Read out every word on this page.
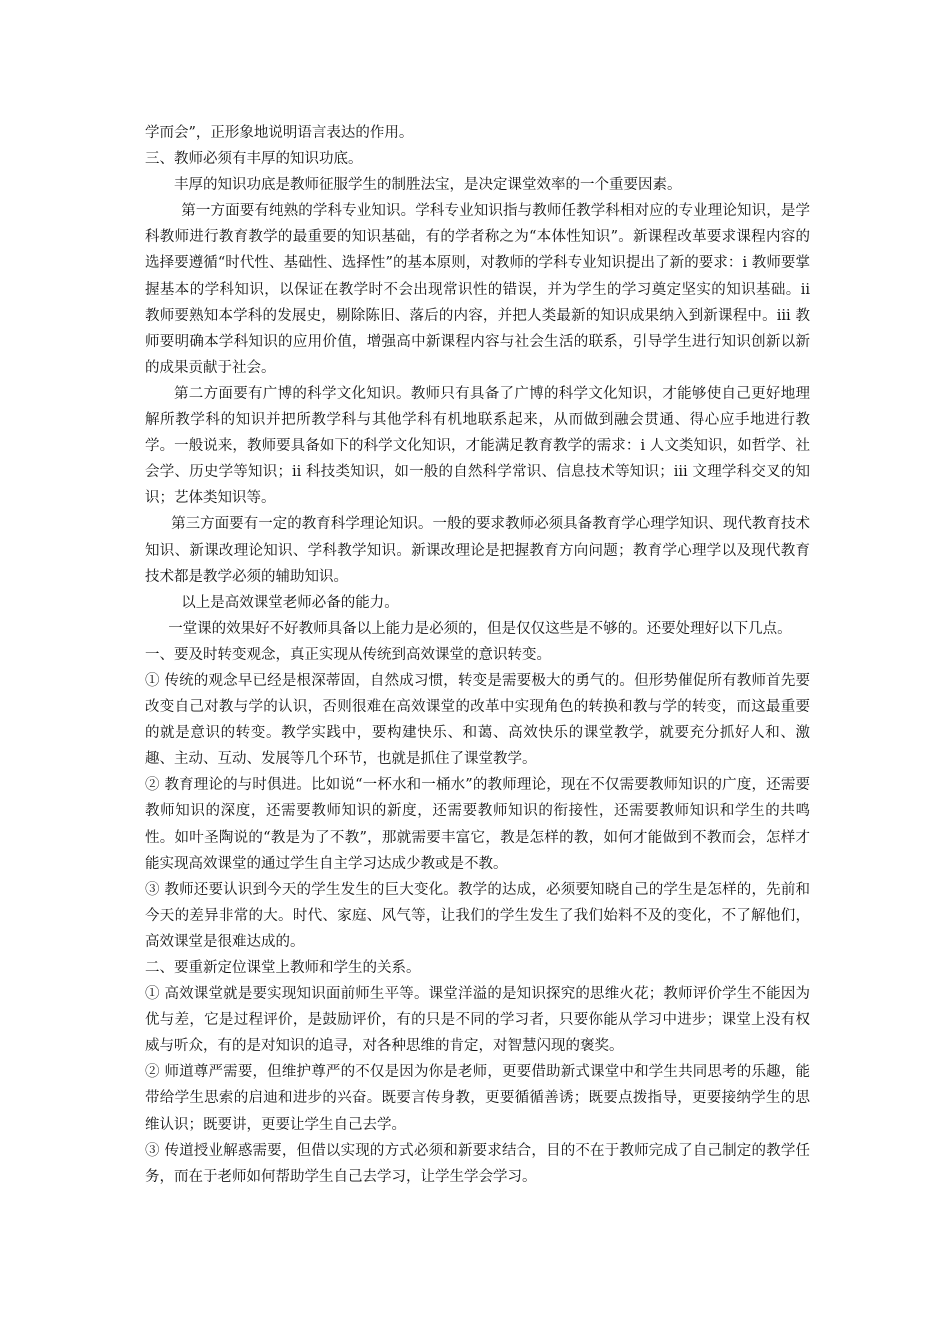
学而会”，正形象地说明语言表达的作用。

三、教师必须有丰厚的知识功底。

丰厚的知识功底是教师征服学生的制胜法宝，是决定课堂效率的一个重要因素。

第一方面要有纯熟的学科专业知识。学科专业知识指与教师任教学科相对应的专业理论知识，是学科教师进行教育教学的最重要的知识基础，有的学者称之为“本体性知识”。新课程改革要求课程内容的选择要遵循“时代性、基础性、选择性”的基本原则，对教师的学科专业知识提出了新的要求：i 教师要掌握基本的学科知识，以保证在教学时不会出现常识性的错误，并为学生的学习奠定坚实的知识基础。ii 教师要熟知本学科的发展史，剔除陈旧、落后的内容，并把人类最新的知识成果纳入到新课程中。iii 教师要明确本学科知识的应用价值，增强高中新课程内容与社会生活的联系，引导学生进行知识创新以新的成果贡献于社会。

第二方面要有广博的科学文化知识。教师只有具备了广博的科学文化知识，才能够使自己更好地理解所教学科的知识并把所教学科与其他学科有机地联系起来，从而做到融会贯通、得心应手地进行教学。一般说来，教师要具备如下的科学文化知识，才能满足教育教学的需求：i 人文类知识，如哲学、社会学、历史学等知识；ii 科技类知识，如一般的自然科学常识、信息技术等知识；iii 文理学科交叉的知识；艺体类知识等。

第三方面要有一定的教育科学理论知识。一般的要求教师必须具备教育学心理学知识、现代教育技术知识、新课改理论知识、学科教学知识。新课改理论是把握教育方向问题；教育学心理学以及现代教育技术都是教学必须的辅助知识。

以上是高效课堂老师必备的能力。

一堂课的效果好不好教师具备以上能力是必须的，但是仅仅这些是不够的。还要处理好以下几点。

一、要及时转变观念，真正实现从传统到高效课堂的意识转变。

① 传统的观念早已经是根深蒂固，自然成习惯，转变是需要极大的勇气的。但形势催促所有教师首先要改变自己对教与学的认识，否则很难在高效课堂的改革中实现角色的转换和教与学的转变，而这最重要的就是意识的转变。教学实践中，要构建快乐、和蔼、高效快乐的课堂教学，就要充分抓好人和、激趣、主动、互动、发展等几个环节，也就是抓住了课堂教学。

② 教育理论的与时俱进。比如说“一杯水和一桶水”的教师理论，现在不仅需要教师知识的广度，还需要教师知识的深度，还需要教师知识的新度，还需要教师知识的衔接性，还需要教师知识和学生的共鸣性。如叶圣陶说的“教是为了不教”，那就需要丰富它，教是怎样的教，如何才能做到不教而会，怎样才能实现高效课堂的通过学生自主学习达成少教或是不教。

③ 教师还要认识到今天的学生发生的巨大变化。教学的达成，必须要知晓自己的学生是怎样的，先前和今天的差异非常的大。时代、家庭、风气等，让我们的学生发生了我们始料不及的变化，不了解他们，高效课堂是很难达成的。

二、要重新定位课堂上教师和学生的关系。

① 高效课堂就是要实现知识面前师生平等。课堂洋溢的是知识探究的思维火花；教师评价学生不能因为优与差，它是过程评价，是鼓励评价，有的只是不同的学习者，只要你能从学习中进步；课堂上没有权威与听众，有的是对知识的追寻，对各种思维的肯定，对智慧闪现的褒奖。

② 师道尊严需要，但维护尊严的不仅是因为你是老师，更要借助新式课堂中和学生共同思考的乐趣，能带给学生思索的启迪和进步的兴奋。既要言传身教，更要循循善诱；既要点拨指导，更要接纳学生的思维认识；既要讲，更要让学生自己去学。

③ 传道授业解惑需要，但借以实现的方式必须和新要求结合，目的不在于教师完成了自己制定的教学任务，而在于老师如何帮助学生自己去学习，让学生学会学习。
